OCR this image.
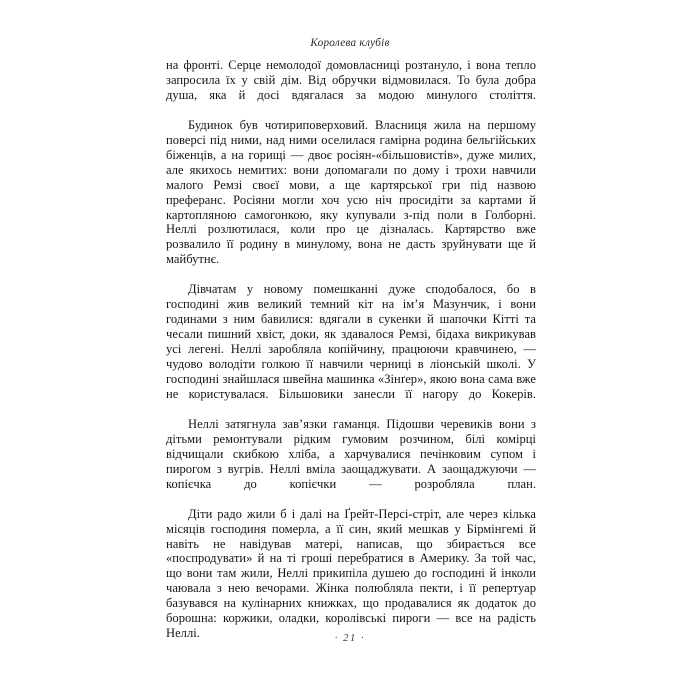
Королева клубів

на фронті. Серце немолодої домовласниці розтануло, і вона тепло запросила їх у свій дім. Від обручки відмовилася. То була добра душа, яка й досі вдягалася за модою минулого століття.

Будинок був чотириповерховий. Власниця жила на першому поверсі під ними, над ними оселилася гамірна родина бельгійських біженців, а на горищі — двоє росіян-«більшовистів», дуже милих, але якихось немитих: вони допомагали по дому і трохи навчили малого Ремзі своєї мови, а ще картярської гри під назвою преферанс. Росіяни могли хоч усю ніч просидіти за картами й картопляною самогонкою, яку купували з-під поли в Голборні. Неллі розлютилася, коли про це дізналась. Картярство вже розвалило її родину в минулому, вона не дасть зруйнувати ще й майбутнє.

Дівчатам у новому помешканні дуже сподобалося, бо в господині жив великий темний кіт на ім’я Мазунчик, і вони годинами з ним бавилися: вдягали в сукенки й шапочки Кітті та чесали пишний хвіст, доки, як здавалося Ремзі, бідаха викрикував усі легені. Неллі заробляла копійчину, працюючи кравчинею, — чудово володіти голкою її навчили черниці в ліонській школі. У господині знайшлася швейна машинка «Зінґер», якою вона сама вже не користувалася. Більшовики занесли її нагору до Кокерів.

Неллі затягнула зав’язки гаманця. Підошви черевиків вони з дітьми ремонтували рідким гумовим розчином, білі комірці відчищали скибкою хліба, а харчувалися печінковим супом і пирогом з вугрів. Неллі вміла заощаджувати. А заощаджуючи — копієчка до копієчки — розробляла план.

Діти радо жили б і далі на Ґрейт-Персі-стріт, але через кілька місяців господиня померла, а її син, який мешкав у Бірмінгемі й навіть не навідував матері, написав, що збирається все «поспродувати» й на ті гроші перебратися в Америку. За той час, що вони там жили, Неллі прикипіла душею до господині й інколи чаювала з нею вечорами. Жінка полюбляла пекти, і її репертуар базувався на кулінарних книжках, що продавалися як додаток до борошна: коржики, оладки, королівські пироги — все на радість Неллі.	· 21 ·
